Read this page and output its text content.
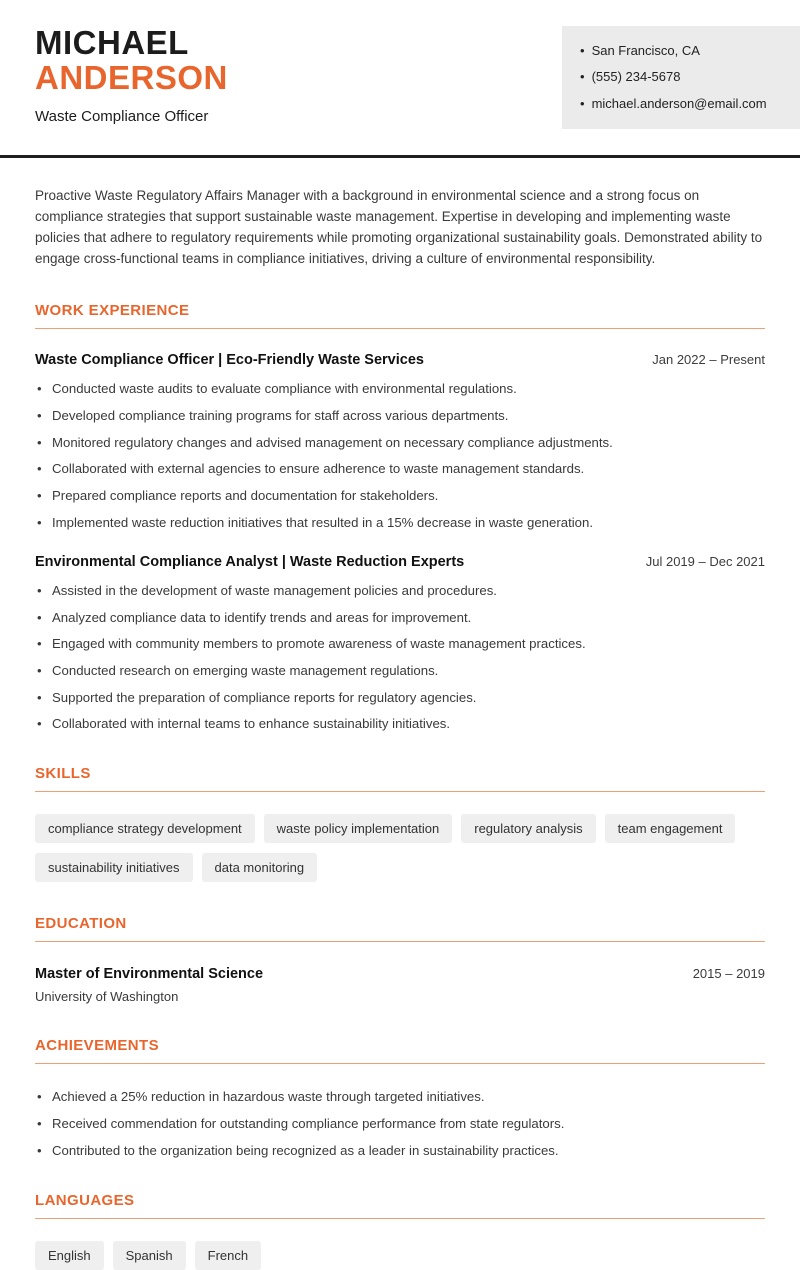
MICHAEL
ANDERSON
Waste Compliance Officer
• San Francisco, CA
• (555) 234-5678
• michael.anderson@email.com

Proactive Waste Regulatory Affairs Manager with a background in environmental science and a strong focus on compliance strategies that support sustainable waste management. Expertise in developing and implementing waste policies that adhere to regulatory requirements while promoting organizational sustainability goals. Demonstrated ability to engage cross-functional teams in compliance initiatives, driving a culture of environmental responsibility.

WORK EXPERIENCE
Waste Compliance Officer | Eco-Friendly Waste Services	Jan 2022 – Present
• Conducted waste audits to evaluate compliance with environmental regulations.
• Developed compliance training programs for staff across various departments.
• Monitored regulatory changes and advised management on necessary compliance adjustments.
• Collaborated with external agencies to ensure adherence to waste management standards.
• Prepared compliance reports and documentation for stakeholders.
• Implemented waste reduction initiatives that resulted in a 15% decrease in waste generation.
Environmental Compliance Analyst | Waste Reduction Experts	Jul 2019 – Dec 2021
• Assisted in the development of waste management policies and procedures.
• Analyzed compliance data to identify trends and areas for improvement.
• Engaged with community members to promote awareness of waste management practices.
• Conducted research on emerging waste management regulations.
• Supported the preparation of compliance reports for regulatory agencies.
• Collaborated with internal teams to enhance sustainability initiatives.
SKILLS
compliance strategy development	waste policy implementation	regulatory analysis	team engagement
sustainability initiatives	data monitoring
EDUCATION
Master of Environmental Science	2015 – 2019
University of Washington
ACHIEVEMENTS
• Achieved a 25% reduction in hazardous waste through targeted initiatives.
• Received commendation for outstanding compliance performance from state regulators.
• Contributed to the organization being recognized as a leader in sustainability practices.
LANGUAGES
English	Spanish	French
